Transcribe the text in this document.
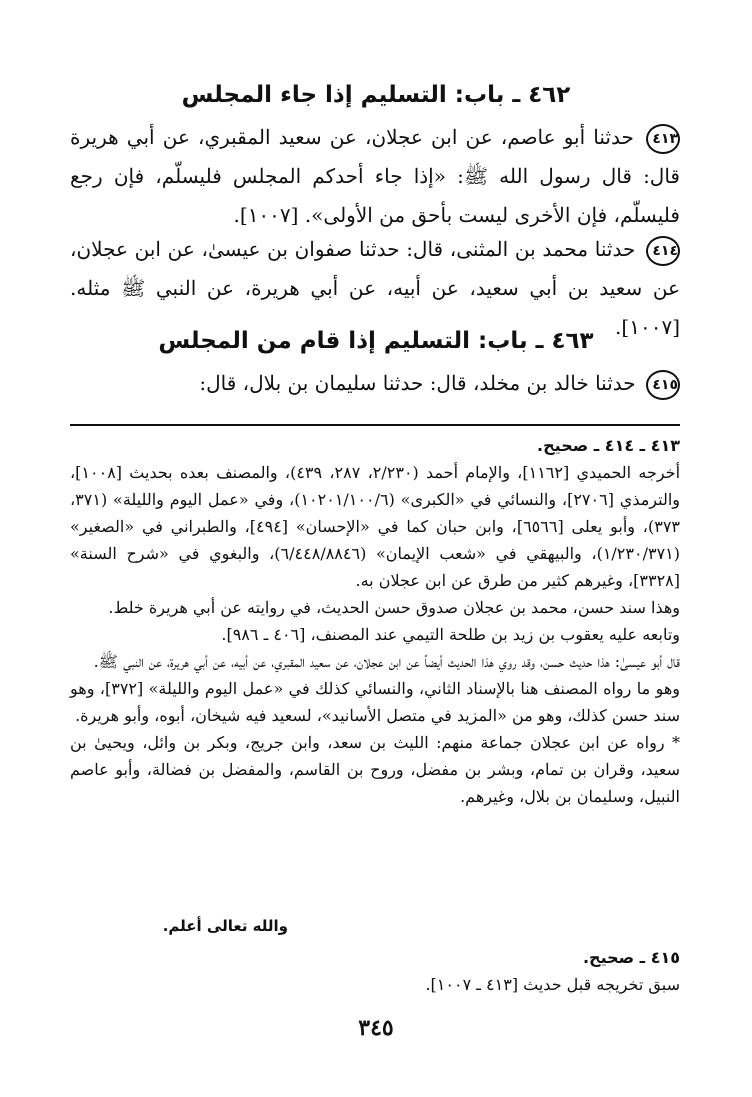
٤٦٢ ـ باب: التسليم إذا جاء المجلس
٤١٣ حدثنا أبو عاصم، عن ابن عجلان، عن سعيد المقبري، عن أبي هريرة قال: قال رسول الله ﷺ: «إذا جاء أحدكم المجلس فليسلّم، فإن رجع فليسلّم، فإن الأخرى ليست بأحق من الأولى». [١٠٠٧].
٤١٤ حدثنا محمد بن المثنى، قال: حدثنا صفوان بن عيسىٰ، عن ابن عجلان، عن سعيد بن أبي سعيد، عن أبيه، عن أبي هريرة، عن النبي ﷺ مثله. [١٠٠٧].
٤٦٣ ـ باب: التسليم إذا قام من المجلس
٤١٥ حدثنا خالد بن مخلد، قال: حدثنا سليمان بن بلال، قال:
٤١٣ ـ ٤١٤ ـ صحيح.
أخرجه الحميدي [١١٦٢]، والإمام أحمد (٢/٢٣٠، ٢٨٧، ٤٣٩)، والمصنف بعده بحديث [١٠٠٨]، والترمذي [٢٧٠٦]، والنسائي في «الكبرى» (١٠٢٠١/١٠٠/٦)، وفي «عمل اليوم والليلة» (٣٧١، ٣٧٣)، وأبو يعلى [٦٥٦٦]، وابن حبان كما في «الإحسان» [٤٩٤]، والطبراني في «الصغير» (١/٢٣٠/٣٧١)، والبيهقي في «شعب الإيمان» (٦/٤٤٨/٨٨٤٦)، والبغوي في «شرح السنة» [٣٣٢٨]، وغيرهم كثير من طرق عن ابن عجلان به.
وهذا سند حسن، محمد بن عجلان صدوق حسن الحديث، في روايته عن أبي هريرة خلط.
وتابعه عليه يعقوب بن زيد بن طلحة التيمي عند المصنف، [٤٠٦ ـ ٩٨٦].
قال أبو عيسىٰ: هذا حديث حسن، وقد روي هذا الحديث أيضاً عن ابن عجلان، عن سعيد المقبري، عن أبيه، عن أبي هريرة، عن النبي ﷺ.
وهو ما رواه المصنف هنا بالإسناد الثاني، والنسائي كذلك في «عمل اليوم والليلة» [٣٧٢]، وهو سند حسن كذلك، وهو من «المزيد في متصل الأسانيد»، لسعيد فيه شيخان، أبوه، وأبو هريرة.
* رواه عن ابن عجلان جماعة منهم: الليث بن سعد، وابن جريج، وبكر بن وائل، ويحيىٰ بن سعيد، وقران بن تمام، وبشر بن مفضل، وروح بن القاسم، والمفضل بن فضالة، وأبو عاصم النبيل، وسليمان بن بلال، وغيرهم.
والله تعالى أعلم.
٤١٥ ـ صحيح.
سبق تخريجه قبل حديث [٤١٣ ـ ١٠٠٧].
٣٤٥
